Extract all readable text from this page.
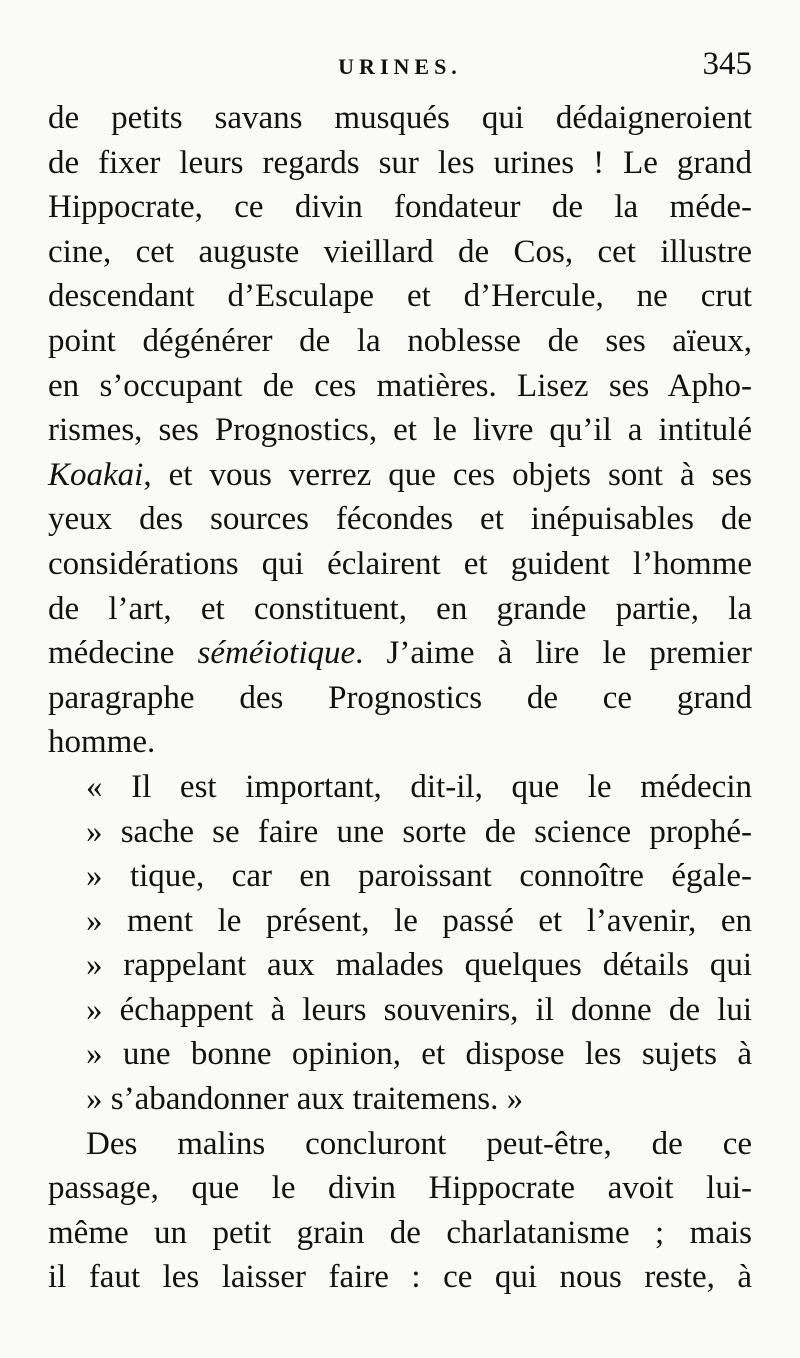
URINES.	345
de petits savans musqués qui dédaigneroient
de fixer leurs regards sur les urines ! Le grand
Hippocrate, ce divin fondateur de la méde-
cine, cet auguste vieillard de Cos, cet illustre
descendant d’Esculape et d’Hercule, ne crut
point dégénérer de la noblesse de ses aïeux,
en s’occupant de ces matières. Lisez ses Apho-
rismes, ses Prognostics, et le livre qu’il a intitulé
Koakai, et vous verrez que ces objets sont à ses
yeux des sources fécondes et inépuisables de
considérations qui éclairent et guident l’homme
de l’art, et constituent, en grande partie, la
médecine séméiotique. J’aime à lire le premier
paragraphe des Prognostics de ce grand
homme.
« Il est important, dit-il, que le médecin
» sache se faire une sorte de science prophé-
» tique, car en paroissant connoître égale-
» ment le présent, le passé et l’avenir, en
» rappelant aux malades quelques détails qui
» échappent à leurs souvenirs, il donne de lui
» une bonne opinion, et dispose les sujets à
» s’abandonner aux traitemens. »
Des malins concluront peut-être, de ce
passage, que le divin Hippocrate avoit lui-
même un petit grain de charlatanisme ; mais
il faut les laisser faire : ce qui nous reste, à
